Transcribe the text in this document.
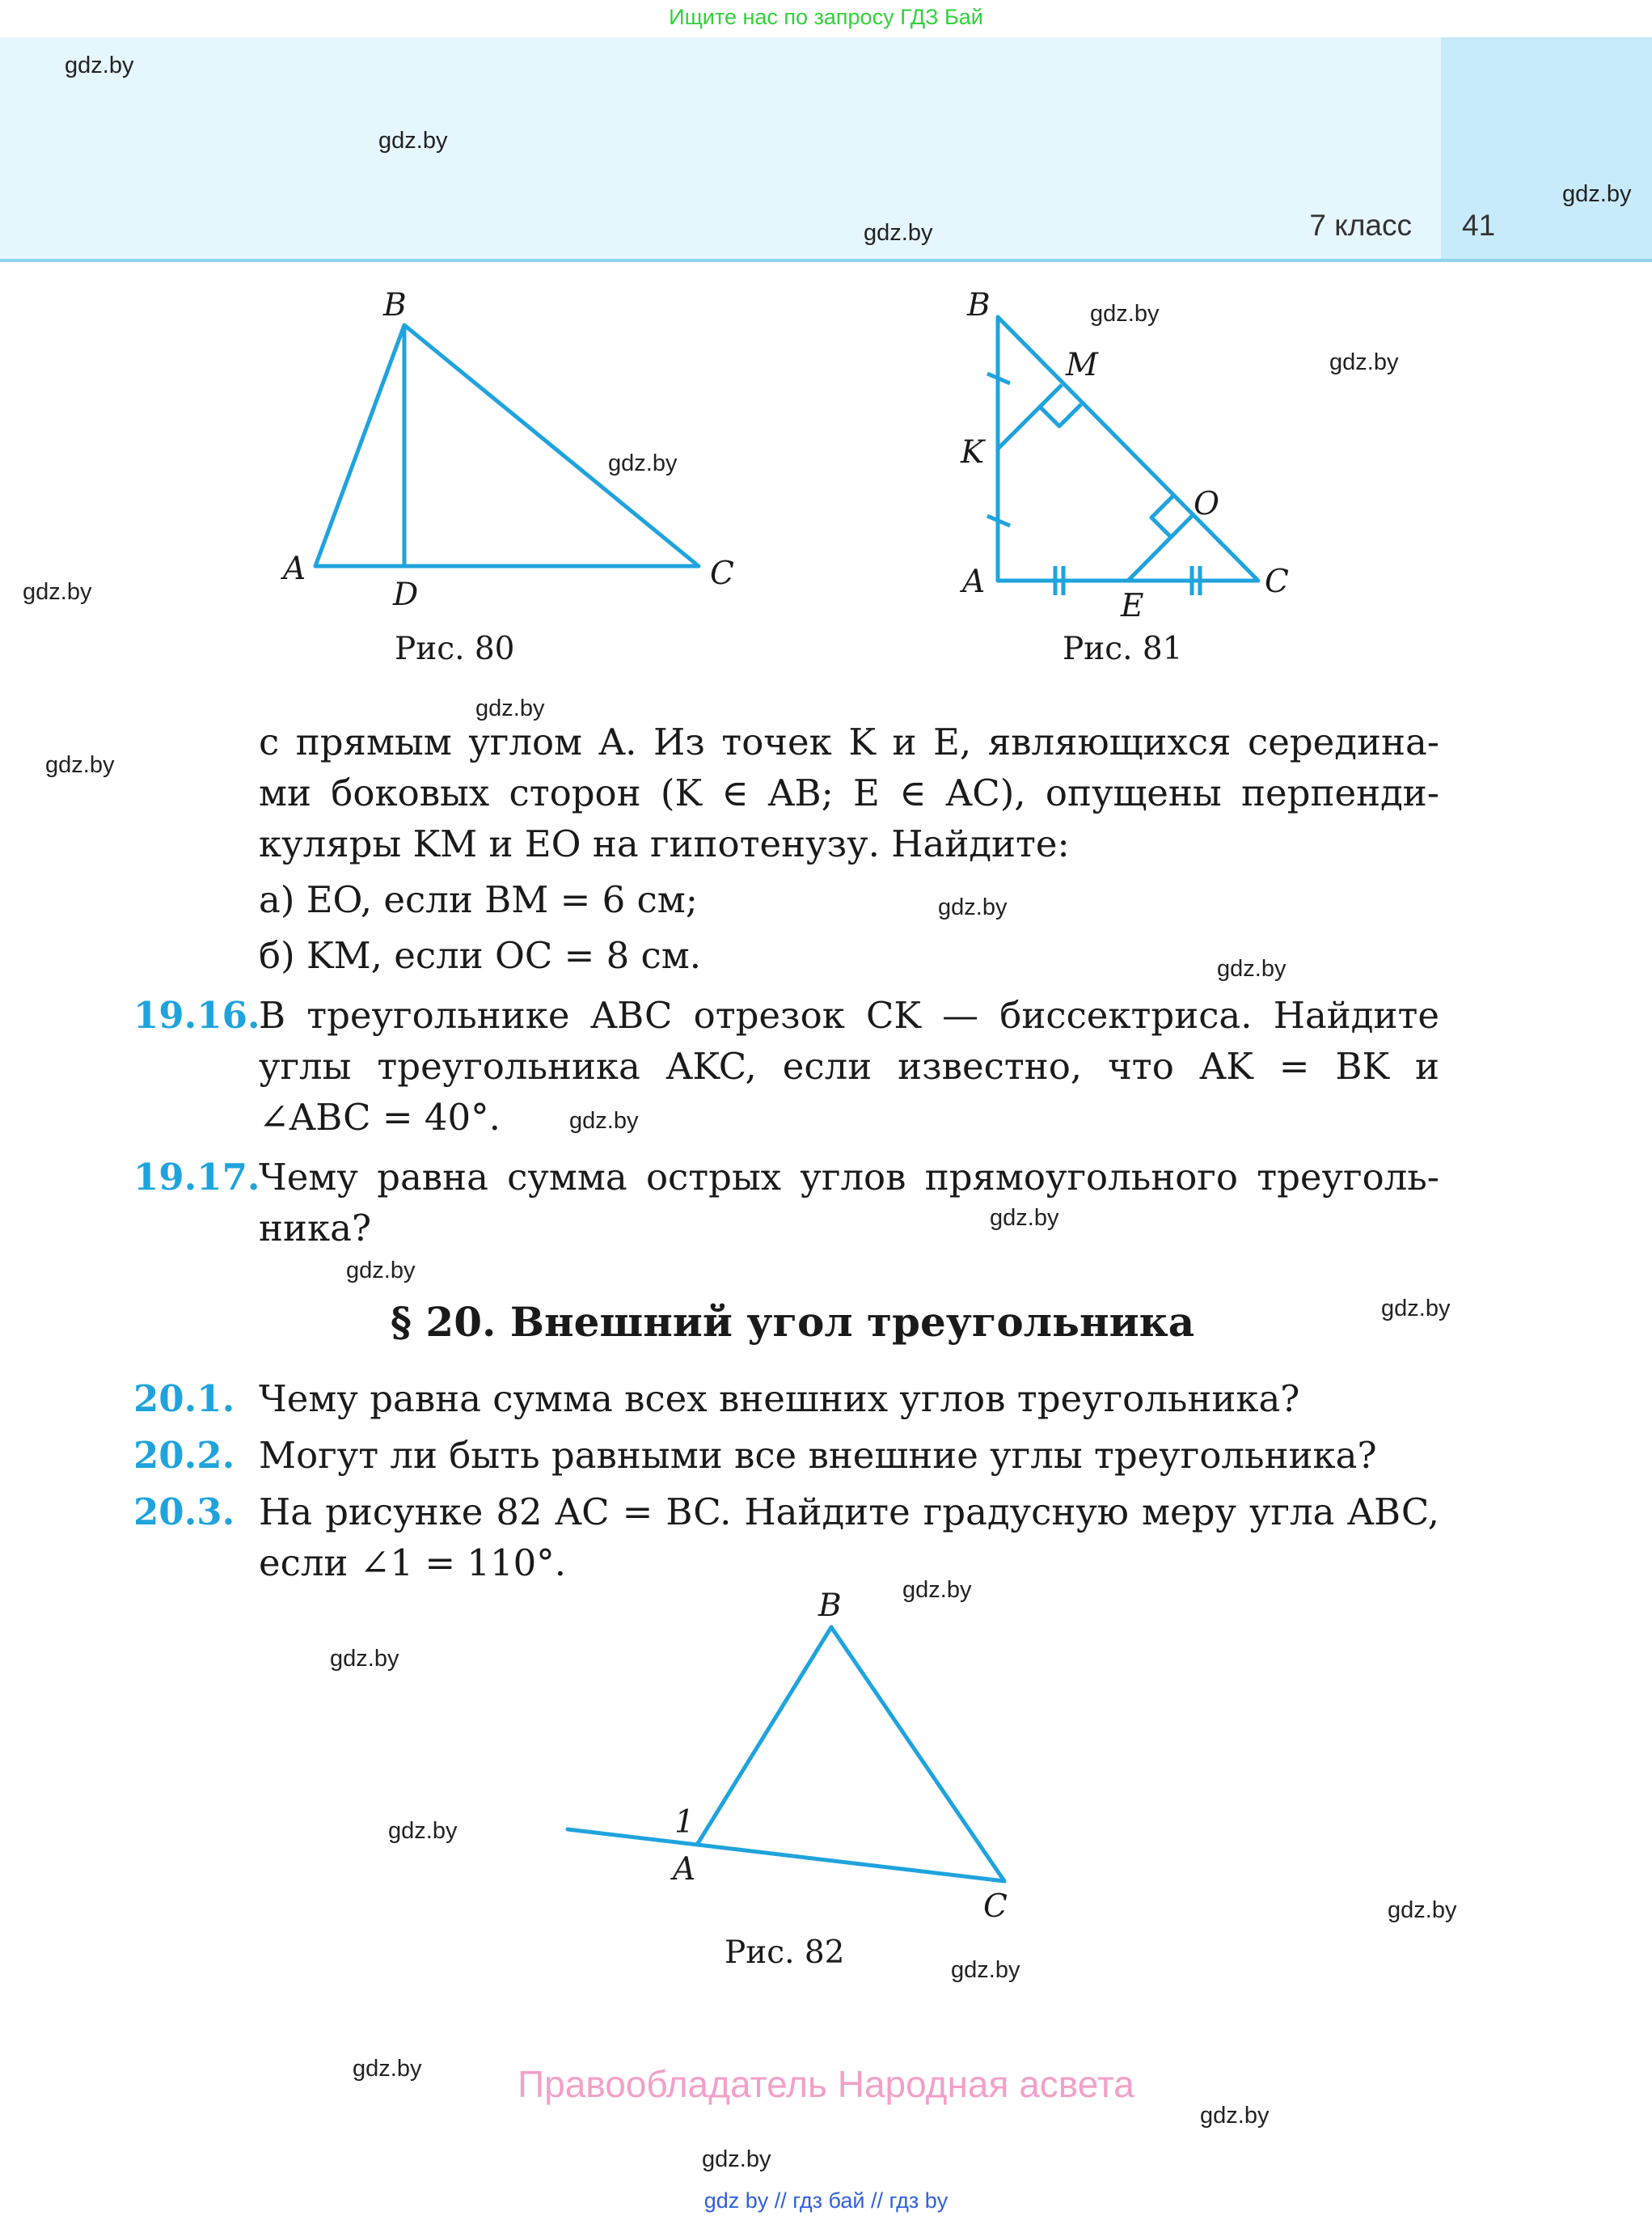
Ищите нас по запросу ГДЗ Бай
7 класс 41
gdz.by
gdz.by
gdz.by
gdz.by
gdz.by
gdz.by
gdz.by
gdz.by
gdz.by
gdz.by
gdz.by
gdz.by
gdz.by
gdz.by
gdz.by
gdz.by
gdz.by
gdz.by
gdz.by
gdz.by
gdz.by
gdz.by
gdz.by
gdz.by
B
A
D
C
Рис. 80
B
M
K
O
A
E
C
Рис. 81
с прямым углом A. Из точек K и E, являющихся середина-
ми боковых сторон (K ∈ AB; E ∈ AC), опущены перпенди-
куляры KM и EO на гипотенузу. Найдите:
а) EO, если BM = 6 см;
б) KM, если OC = 8 см.
19.16.
В треугольнике ABC отрезок CK — биссектриса. Найдите
углы треугольника AKC, если известно, что AK = BK и
∠ABC = 40°.
19.17.
Чему равна сумма острых углов прямоугольного треуголь-
ника?
§ 20. Внешний угол треугольника
20.1. Чему равна сумма всех внешних углов треугольника?
20.2. Могут ли быть равными все внешние углы треугольника?
20.3. На рисунке 82 AC = BC. Найдите градусную меру угла ABC,
если ∠1 = 110°.
B
1
A
C
Рис. 82
Правообладатель Народная асвета
gdz by // гдз бай // гдз by
